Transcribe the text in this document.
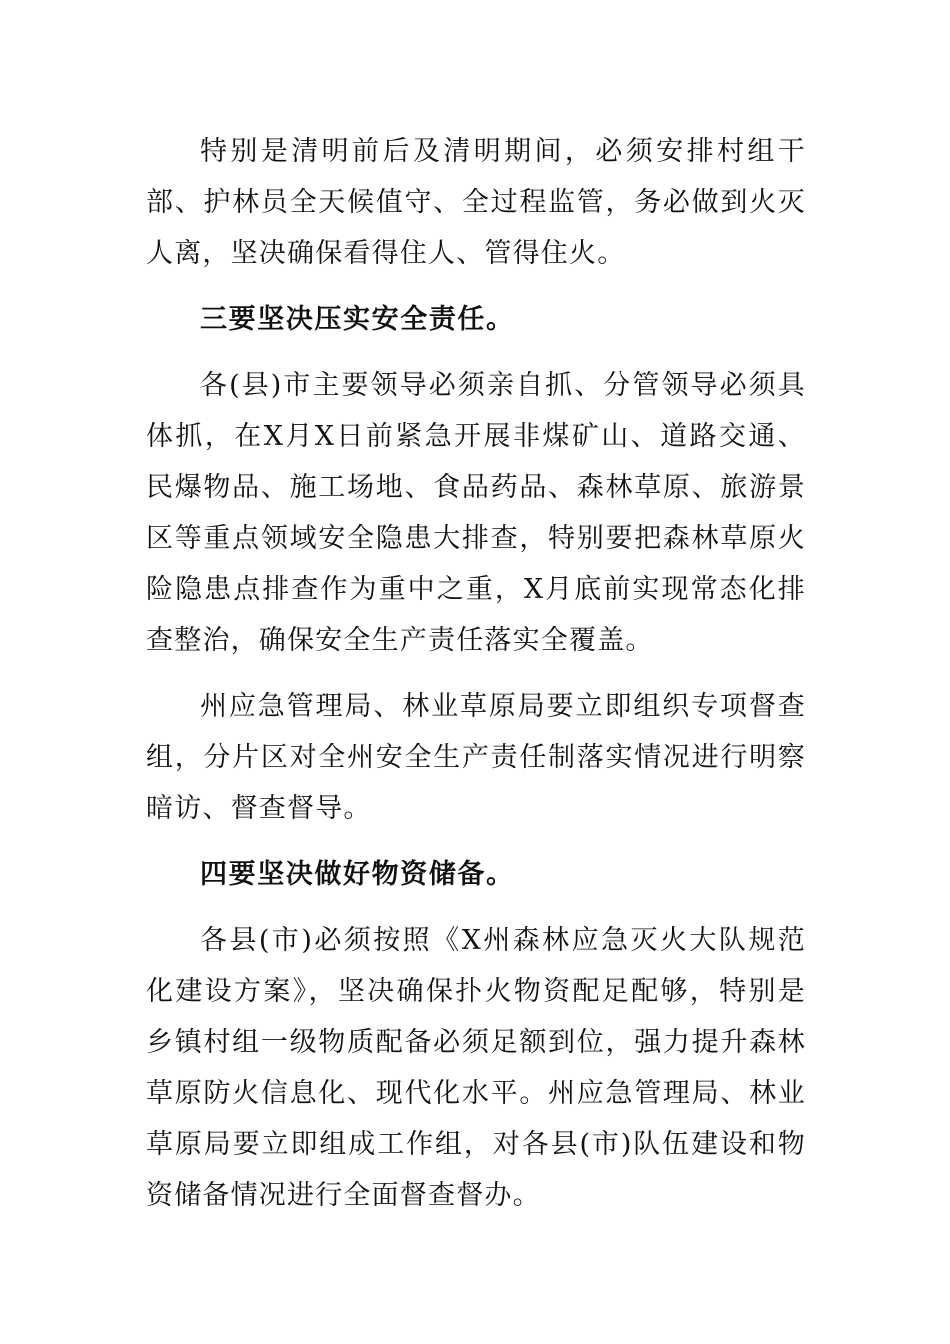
特别是清明前后及清明期间，必须安排村组干部、护林员全天候值守、全过程监管，务必做到火灭人离，坚决确保看得住人、管得住火。

三要坚决压实安全责任。

各(县)市主要领导必须亲自抓、分管领导必须具体抓，在X月X日前紧急开展非煤矿山、道路交通、民爆物品、施工场地、食品药品、森林草原、旅游景区等重点领域安全隐患大排查，特别要把森林草原火险隐患点排查作为重中之重，X月底前实现常态化排查整治，确保安全生产责任落实全覆盖。

州应急管理局、林业草原局要立即组织专项督查组，分片区对全州安全生产责任制落实情况进行明察暗访、督查督导。

四要坚决做好物资储备。

各县(市)必须按照《X州森林应急灭火大队规范化建设方案》，坚决确保扑火物资配足配够，特别是乡镇村组一级物质配备必须足额到位，强力提升森林草原防火信息化、现代化水平。州应急管理局、林业草原局要立即组成工作组，对各县(市)队伍建设和物资储备情况进行全面督查督办。
